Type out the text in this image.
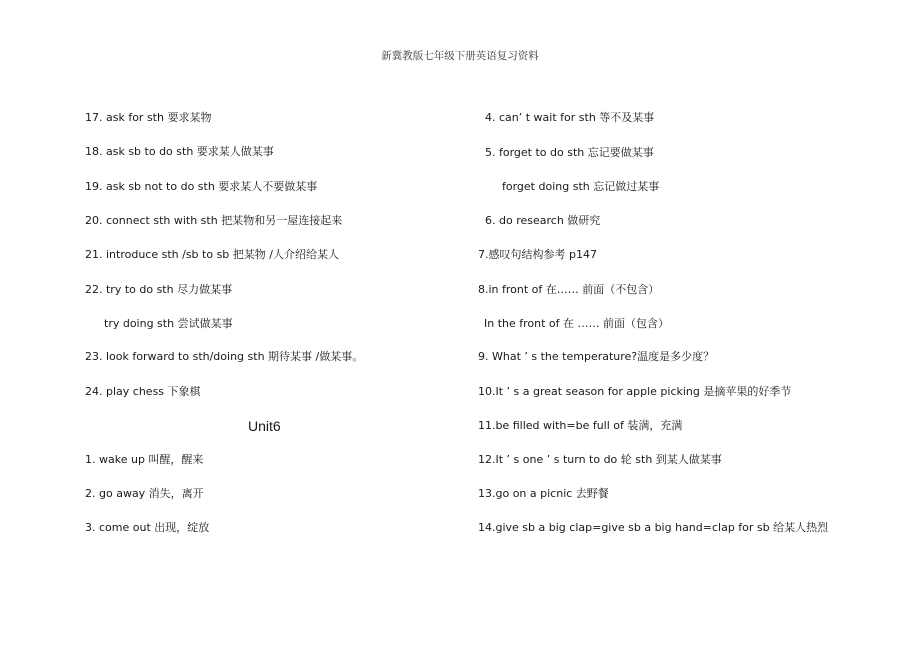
新冀教版七年级下册英语复习资料
17. ask for sth 要求某物
18. ask sb to do sth 要求某人做某事
19. ask sb not to do sth 要求某人不要做某事
20. connect sth with sth 把某物和另一屋连接起来
21. introduce sth /sb to sb 把某物 /人介绍给某人
22. try to do sth 尽力做某事
try doing sth 尝试做某事
23. look forward to sth/doing sth 期待某事 /做某事。
24. play chess 下象棋
Unit6
1. wake up 叫醒，醒来
2. go away 消失，离开
3. come out 出现，绽放
4. can’ t wait for sth 等不及某事
5. forget to do sth 忘记要做某事
forget doing sth 忘记做过某事
6. do research 做研究
7.感叹句结构参考 p147
8.in front of 在…… 前面（不包含）
In the front of 在 …… 前面（包含）
9. What ’ s the temperature?温度是多少度？
10.It ’ s a great season for apple picking 是摘苹果的好季节
11.be filled with=be full of 装满，充满
12.It ’ s one ’ s turn to do 轮 sth 到某人做某事
13.go on a picnic 去野餐
14.give sb a big clap=give sb a big hand=clap for sb 给某人热烈
